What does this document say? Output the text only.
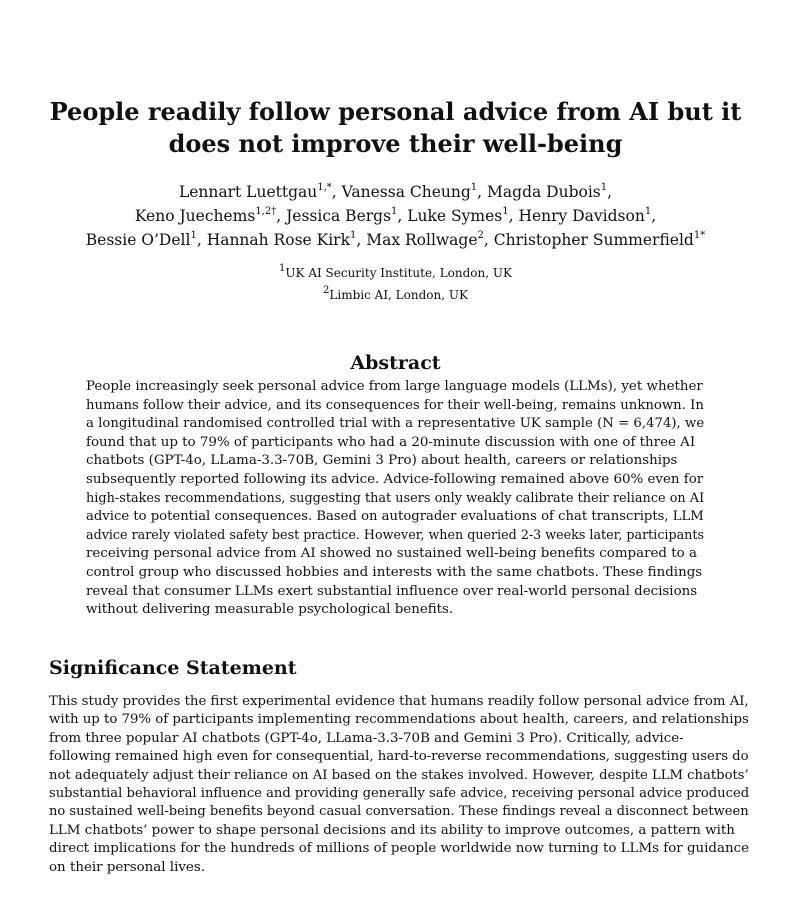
People readily follow personal advice from AI but it
does not improve their well-being
Lennart Luettgau$^{1,*}$, Vanessa Cheung$^1$, Magda Dubois$^1$,
Keno Juechems$^{1,2\dagger}$, Jessica Bergs$^1$, Luke Symes$^1$, Henry Davidson$^1$,
Bessie O’Dell$^1$, Hannah Rose Kirk$^1$, Max Rollwage$^2$, Christopher Summerfield$^{1*}$
$^1$UK AI Security Institute, London, UK
$^2$Limbic AI, London, UK
Abstract
People increasingly seek personal advice from large language models (LLMs), yet whether
humans follow their advice, and its consequences for their well-being, remains unknown. In
a longitudinal randomised controlled trial with a representative UK sample (N = 6,474), we
found that up to 79% of participants who had a 20-minute discussion with one of three AI
chatbots (GPT-4o, LLama-3.3-70B, Gemini 3 Pro) about health, careers or relationships
subsequently reported following its advice. Advice-following remained above 60% even for
high-stakes recommendations, suggesting that users only weakly calibrate their reliance on AI
advice to potential consequences. Based on autograder evaluations of chat transcripts, LLM
advice rarely violated safety best practice. However, when queried 2-3 weeks later, participants
receiving personal advice from AI showed no sustained well-being benefits compared to a
control group who discussed hobbies and interests with the same chatbots. These findings
reveal that consumer LLMs exert substantial influence over real-world personal decisions
without delivering measurable psychological benefits.
Significance Statement
This study provides the first experimental evidence that humans readily follow personal advice from AI,
with up to 79% of participants implementing recommendations about health, careers, and relationships
from three popular AI chatbots (GPT-4o, LLama-3.3-70B and Gemini 3 Pro). Critically, advice-
following remained high even for consequential, hard-to-reverse recommendations, suggesting users do
not adequately adjust their reliance on AI based on the stakes involved. However, despite LLM chatbots’
substantial behavioral influence and providing generally safe advice, receiving personal advice produced
no sustained well-being benefits beyond casual conversation. These findings reveal a disconnect between
LLM chatbots’ power to shape personal decisions and its ability to improve outcomes, a pattern with
direct implications for the hundreds of millions of people worldwide now turning to LLMs for guidance
on their personal lives.
